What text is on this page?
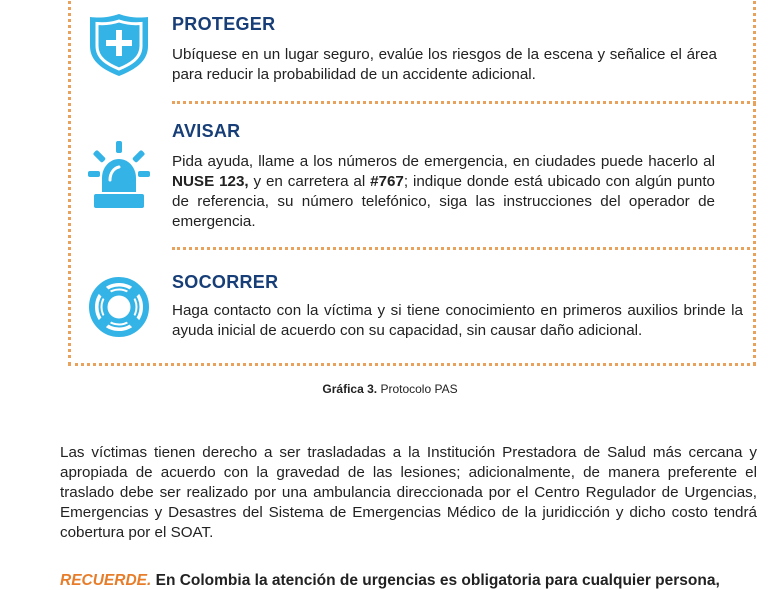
PROTEGER
Ubíquese en un lugar seguro, evalúe los riesgos de la escena y señalice el área para reducir la probabilidad de un accidente adicional.
AVISAR
Pida ayuda, llame a los números de emergencia, en ciudades puede hacerlo al NUSE 123, y en carretera al #767; indique donde está ubicado con algún punto de referencia, su número telefónico, siga las instrucciones del operador de emergencia.
SOCORRER
Haga contacto con la víctima y si tiene conocimiento en primeros auxilios brinde la ayuda inicial de acuerdo con su capacidad, sin causar daño adicional.
Gráfica 3. Protocolo PAS
Las víctimas tienen derecho a ser trasladadas a la Institución Prestadora de Salud más cercana y apropiada de acuerdo con la gravedad de las lesiones; adicionalmente, de manera preferente el traslado debe ser realizado por una ambulancia direccionada por el Centro Regulador de Urgencias, Emergencias y Desastres del Sistema de Emergencias Médico de la juridicción y dicho costo tendrá cobertura por el SOAT.
RECUERDE. En Colombia la atención de urgencias es obligatoria para cualquier persona,
